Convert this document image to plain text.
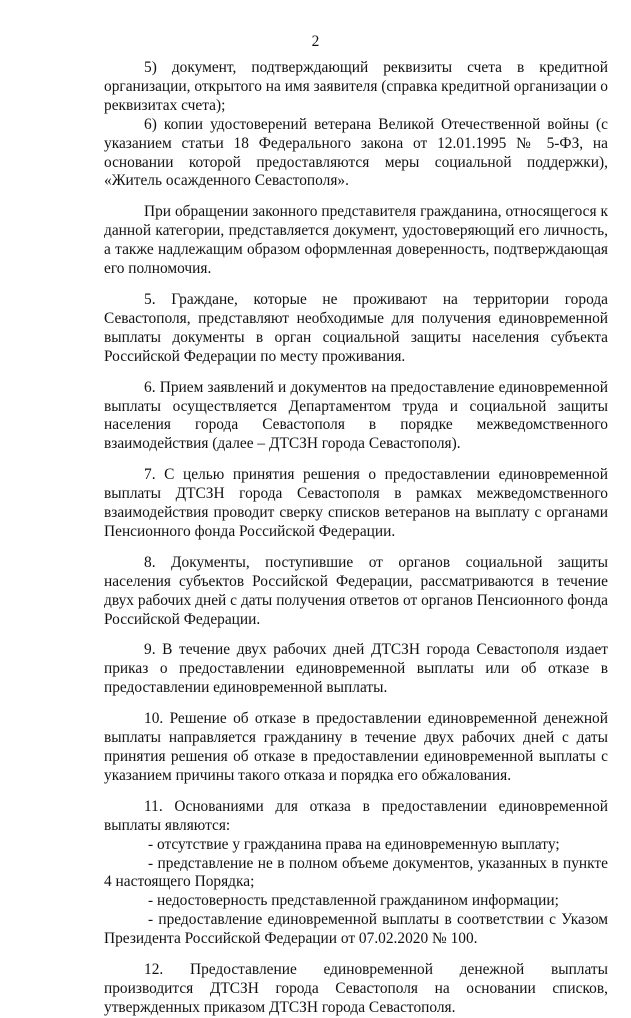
2

5) документ, подтверждающий реквизиты счета в кредитной организации, открытого на имя заявителя (справка кредитной организации о реквизитах счета);

6) копии удостоверений ветерана Великой Отечественной войны (с указанием статьи 18 Федерального закона от 12.01.1995 № 5-ФЗ, на основании которой предоставляются меры социальной поддержки), «Житель осажденного Севастополя».

При обращении законного представителя гражданина, относящегося к данной категории, представляется документ, удостоверяющий его личность, а также надлежащим образом оформленная доверенность, подтверждающая его полномочия.

5. Граждане, которые не проживают на территории города Севастополя, представляют необходимые для получения единовременной выплаты документы в орган социальной защиты населения субъекта Российской Федерации по месту проживания.

6. Прием заявлений и документов на предоставление единовременной выплаты осуществляется Департаментом труда и социальной защиты населения города Севастополя в порядке межведомственного взаимодействия (далее – ДТСЗН города Севастополя).

7. С целью принятия решения о предоставлении единовременной выплаты ДТСЗН города Севастополя в рамках межведомственного взаимодействия проводит сверку списков ветеранов на выплату с органами Пенсионного фонда Российской Федерации.

8. Документы, поступившие от органов социальной защиты населения субъектов Российской Федерации, рассматриваются в течение двух рабочих дней с даты получения ответов от органов Пенсионного фонда Российской Федерации.

9. В течение двух рабочих дней ДТСЗН города Севастополя издает приказ о предоставлении единовременной выплаты или об отказе в предоставлении единовременной выплаты.

10. Решение об отказе в предоставлении единовременной денежной выплаты направляется гражданину в течение двух рабочих дней с даты принятия решения об отказе в предоставлении единовременной выплаты с указанием причины такого отказа и порядка его обжалования.

11. Основаниями для отказа в предоставлении единовременной выплаты являются:

- отсутствие у гражданина права на единовременную выплату;

- представление не в полном объеме документов, указанных в пункте 4 настоящего Порядка;

- недостоверность представленной гражданином информации;

- предоставление единовременной выплаты в соответствии с Указом Президента Российской Федерации от 07.02.2020 № 100.

12. Предоставление единовременной денежной выплаты производится ДТСЗН города Севастополя на основании списков, утвержденных приказом ДТСЗН города Севастополя.
